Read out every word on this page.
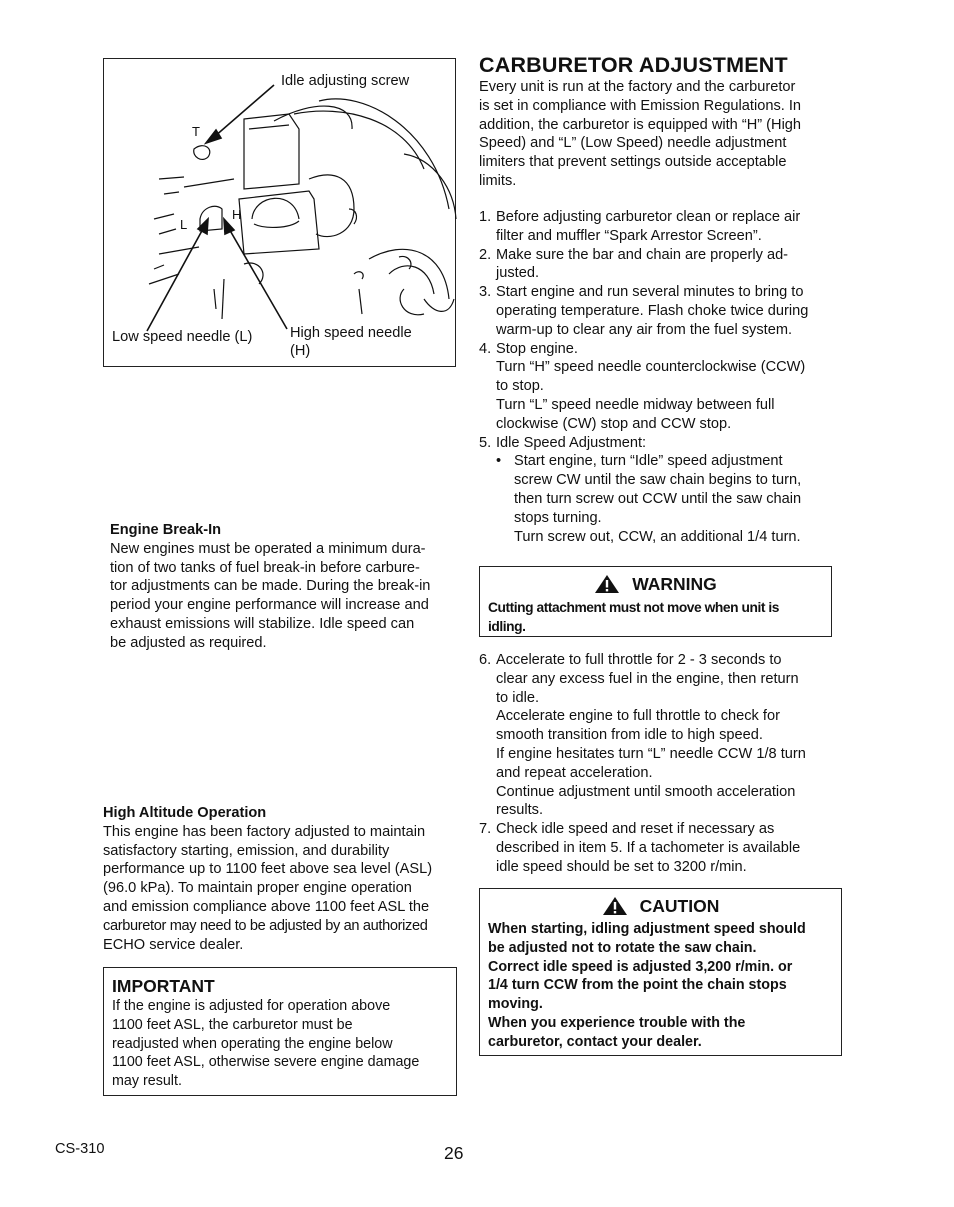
T
L
H
Idle adjusting screw
Low speed needle (L)	High speed needle
(H)

Engine Break-In

New engines must be operated a minimum dura-
tion of two tanks of fuel break-in before carbure-
tor adjustments can be made. During the break-in
period your engine performance will increase and
exhaust emissions will stabilize. Idle speed can
be adjusted as required.

High Altitude Operation

This engine has been factory adjusted to maintain
satisfactory starting, emission, and durability
performance up to 1100 feet above sea level (ASL)
(96.0 kPa). To maintain proper engine operation
and emission compliance above 1100 feet ASL the
carburetor may need to be adjusted by an authorized
ECHO service dealer.

IMPORTANT

If the engine is adjusted for operation above
1100 feet ASL, the carburetor must be
readjusted when operating the engine below
1100 feet ASL, otherwise severe engine damage
may result.

CARBURETOR ADJUSTMENT

Every unit is run at the factory and the carburetor
is set in compliance with Emission Regulations. In
addition, the carburetor is equipped with “H” (High
Speed) and “L” (Low Speed) needle adjustment
limiters that prevent settings outside acceptable
limits.

1. Before adjusting carburetor clean or replace air
filter and muffler “Spark Arrestor Screen”.
2. Make sure the bar and chain are properly ad-
justed.
3. Start engine and run several minutes to bring to
operating temperature. Flash choke twice during
warm-up to clear any air from the fuel system.
4. Stop engine.
Turn “H” speed needle counterclockwise (CCW)
to stop.
Turn “L” speed needle midway between full
clockwise (CW) stop and CCW stop.
5. Idle Speed Adjustment:
• Start engine, turn “Idle” speed adjustment
screw CW until the saw chain begins to turn,
then turn screw out CCW until the saw chain
stops turning.
Turn screw out, CCW, an additional 1/4 turn.
WARNING
Cutting attachment must not move when unit is
idling.
6. Accelerate to full throttle for 2 - 3 seconds to
clear any excess fuel in the engine, then return
to idle.
Accelerate engine to full throttle to check for
smooth transition from idle to high speed.
If engine hesitates turn “L” needle CCW 1/8 turn
and repeat acceleration.
Continue adjustment until smooth acceleration
results.
7. Check idle speed and reset if necessary as
described in item 5. If a tachometer is available
idle speed should be set to 3200 r/min.
CAUTION
When starting, idling adjustment speed should
be adjusted not to rotate the saw chain.
Correct idle speed is adjusted 3,200 r/min. or
1/4 turn CCW from the point the chain stops
moving.
When you experience trouble with the
carburetor, contact your dealer.
CS-310	26
